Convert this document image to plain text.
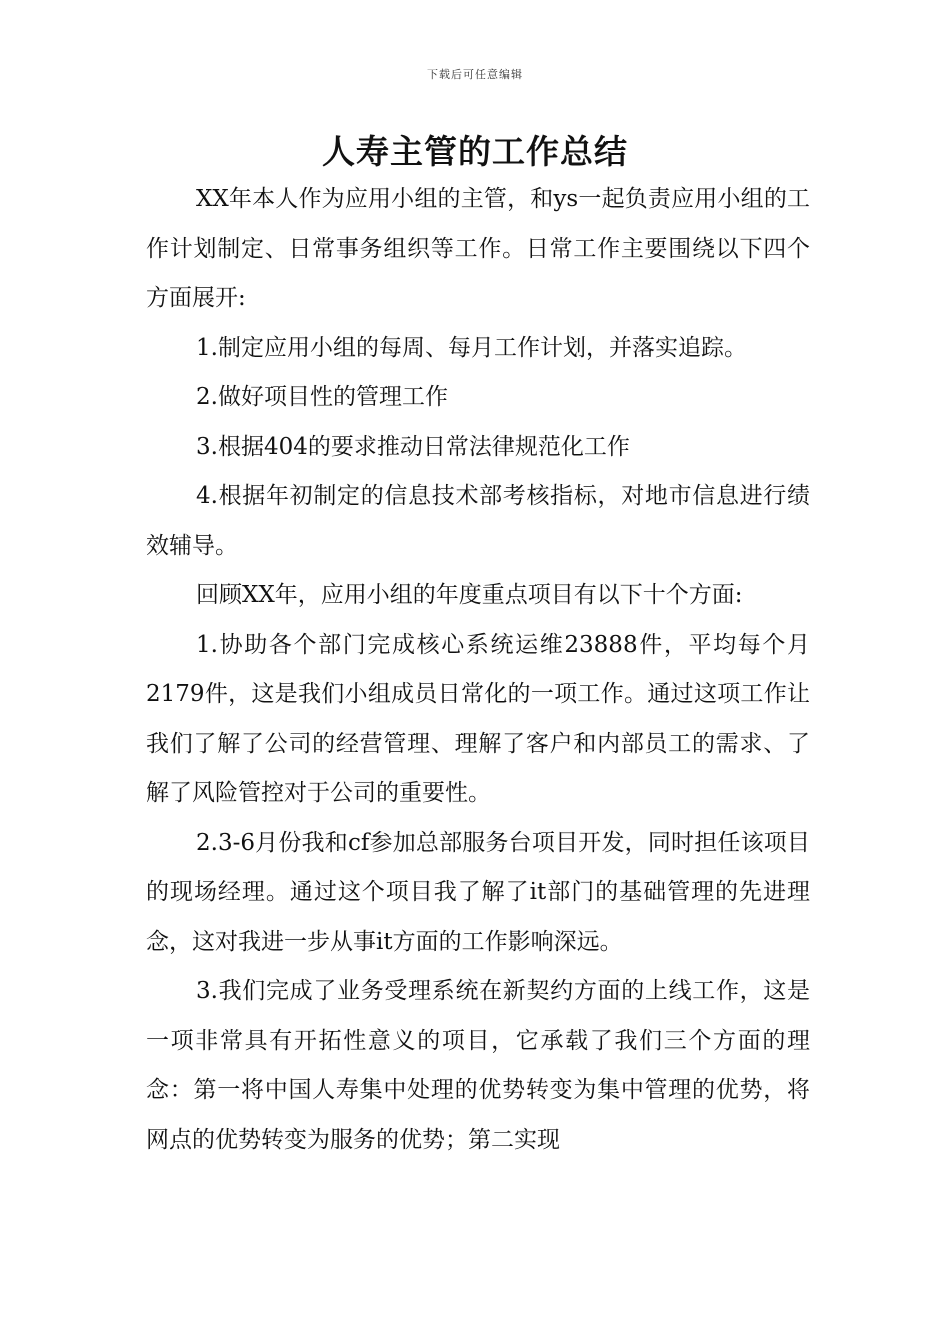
下载后可任意编辑
人寿主管的工作总结

XX年本人作为应用小组的主管，和ys一起负责应用小组的工作计划制定、日常事务组织等工作。日常工作主要围绕以下四个方面展开:

1.制定应用小组的每周、每月工作计划，并落实追踪。

2.做好项目性的管理工作

3.根据404的要求推动日常法律规范化工作

4.根据年初制定的信息技术部考核指标，对地市信息进行绩效辅导。

回顾XX年，应用小组的年度重点项目有以下十个方面:

1.协助各个部门完成核心系统运维23888件，平均每个月2179件，这是我们小组成员日常化的一项工作。通过这项工作让我们了解了公司的经营管理、理解了客户和内部员工的需求、了解了风险管控对于公司的重要性。

2.3-6月份我和cf参加总部服务台项目开发，同时担任该项目的现场经理。通过这个项目我了解了it部门的基础管理的先进理念，这对我进一步从事it方面的工作影响深远。

3.我们完成了业务受理系统在新契约方面的上线工作，这是一项非常具有开拓性意义的项目，它承载了我们三个方面的理念：第一将中国人寿集中处理的优势转变为集中管理的优势，将网点的优势转变为服务的优势；第二实现
